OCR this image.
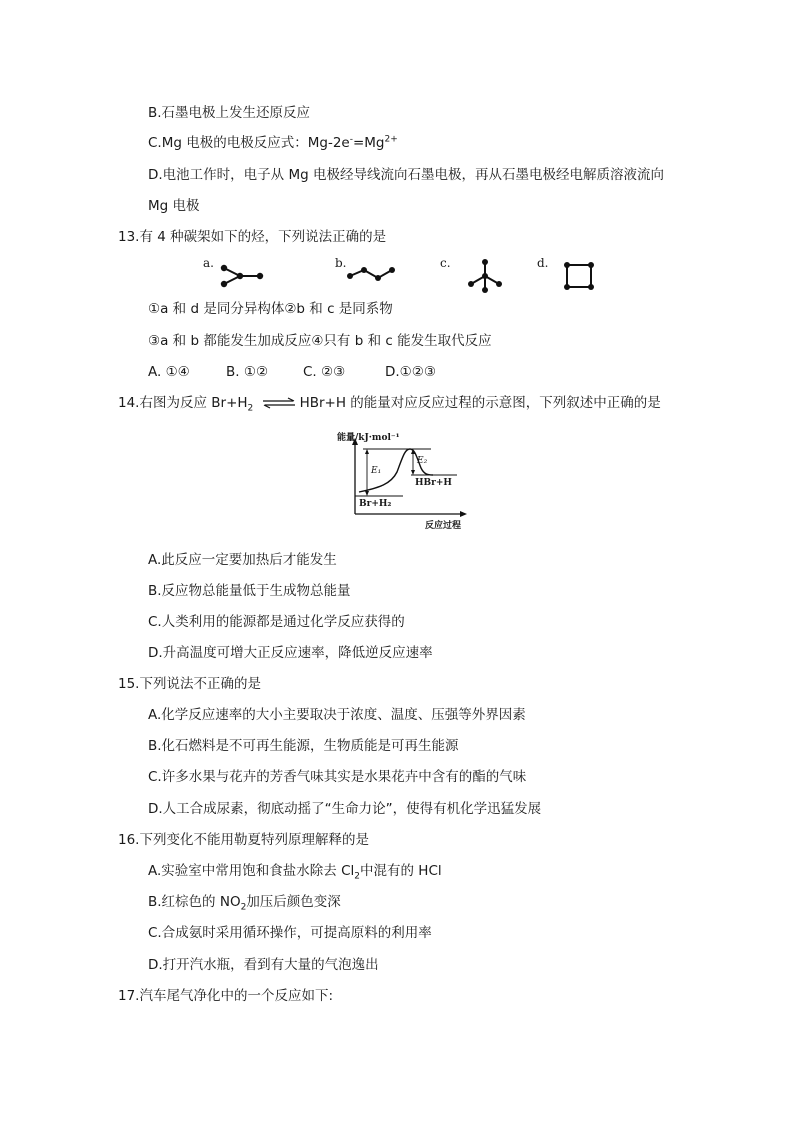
B.石墨电极上发生还原反应
C.Mg 电极的电极反应式：$Mg-2e^-=Mg^{2+}$
D.电池工作时，电子从 Mg 电极经导线流向石墨电极，再从石墨电极经电解质溶液流向
Mg 电极
13.有 4 种碳架如下的烃，下列说法正确的是
a.	b.	c.	d.
①a 和 d 是同分异构体②b 和 c 是同系物
③a 和 b 都能发生加成反应④只有 b 和 c 能发生取代反应
A. ①④	B. ①②	C. ②③	D.①②③
14.右图为反应 $Br+H_2$ ⇌ HBr+H 的能量对应反应过程的示意图，下列叙述中正确的是
能量/kJ·mol⁻¹
E₁
E₂
HBr+H
Br+H₂
反应过程
A.此反应一定要加热后才能发生
B.反应物总能量低于生成物总能量
C.人类利用的能源都是通过化学反应获得的
D.升高温度可增大正反应速率，降低逆反应速率
15.下列说法不正确的是
A.化学反应速率的大小主要取决于浓度、温度、压强等外界因素
B.化石燃料是不可再生能源，生物质能是可再生能源
C.许多水果与花卉的芳香气味其实是水果花卉中含有的酯的气味
D.人工合成尿素，彻底动摇了“生命力论”，使得有机化学迅猛发展
16.下列变化不能用勒夏特列原理解释的是
A.实验室中常用饱和食盐水除去 $Cl_2$中混有的 HCl
B.红棕色的 $NO_2$加压后颜色变深
C.合成氨时采用循环操作，可提高原料的利用率
D.打开汽水瓶，看到有大量的气泡逸出
17.汽车尾气净化中的一个反应如下:
